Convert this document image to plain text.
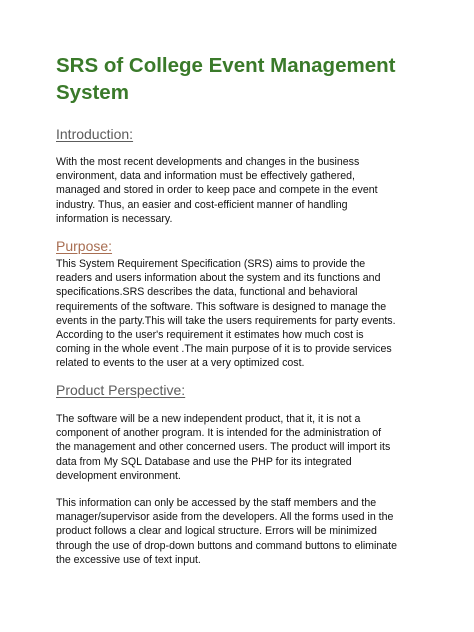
SRS of College Event Management
System
Introduction:

With the most recent developments and changes in the business
environment, data and information must be effectively gathered,
managed and stored in order to keep pace and compete in the event
industry. Thus, an easier and cost-efficient manner of handling
information is necessary.

Purpose:

This System Requirement Specification (SRS) aims to provide the
readers and users information about the system and its functions and
specifications.SRS describes the data, functional and behavioral
requirements of the software. This software is designed to manage the
events in the party.This will take the users requirements for party events.
According to the user's requirement it estimates how much cost is
coming in the whole event .The main purpose of it is to provide services
related to events to the user at a very optimized cost.

Product Perspective:

The software will be a new independent product, that it, it is not a
component of another program. It is intended for the administration of
the management and other concerned users. The product will import its
data from My SQL Database and use the PHP for its integrated
development environment.

This information can only be accessed by the staff members and the
manager/supervisor aside from the developers. All the forms used in the
product follows a clear and logical structure. Errors will be minimized
through the use of drop-down buttons and command buttons to eliminate
the excessive use of text input.
